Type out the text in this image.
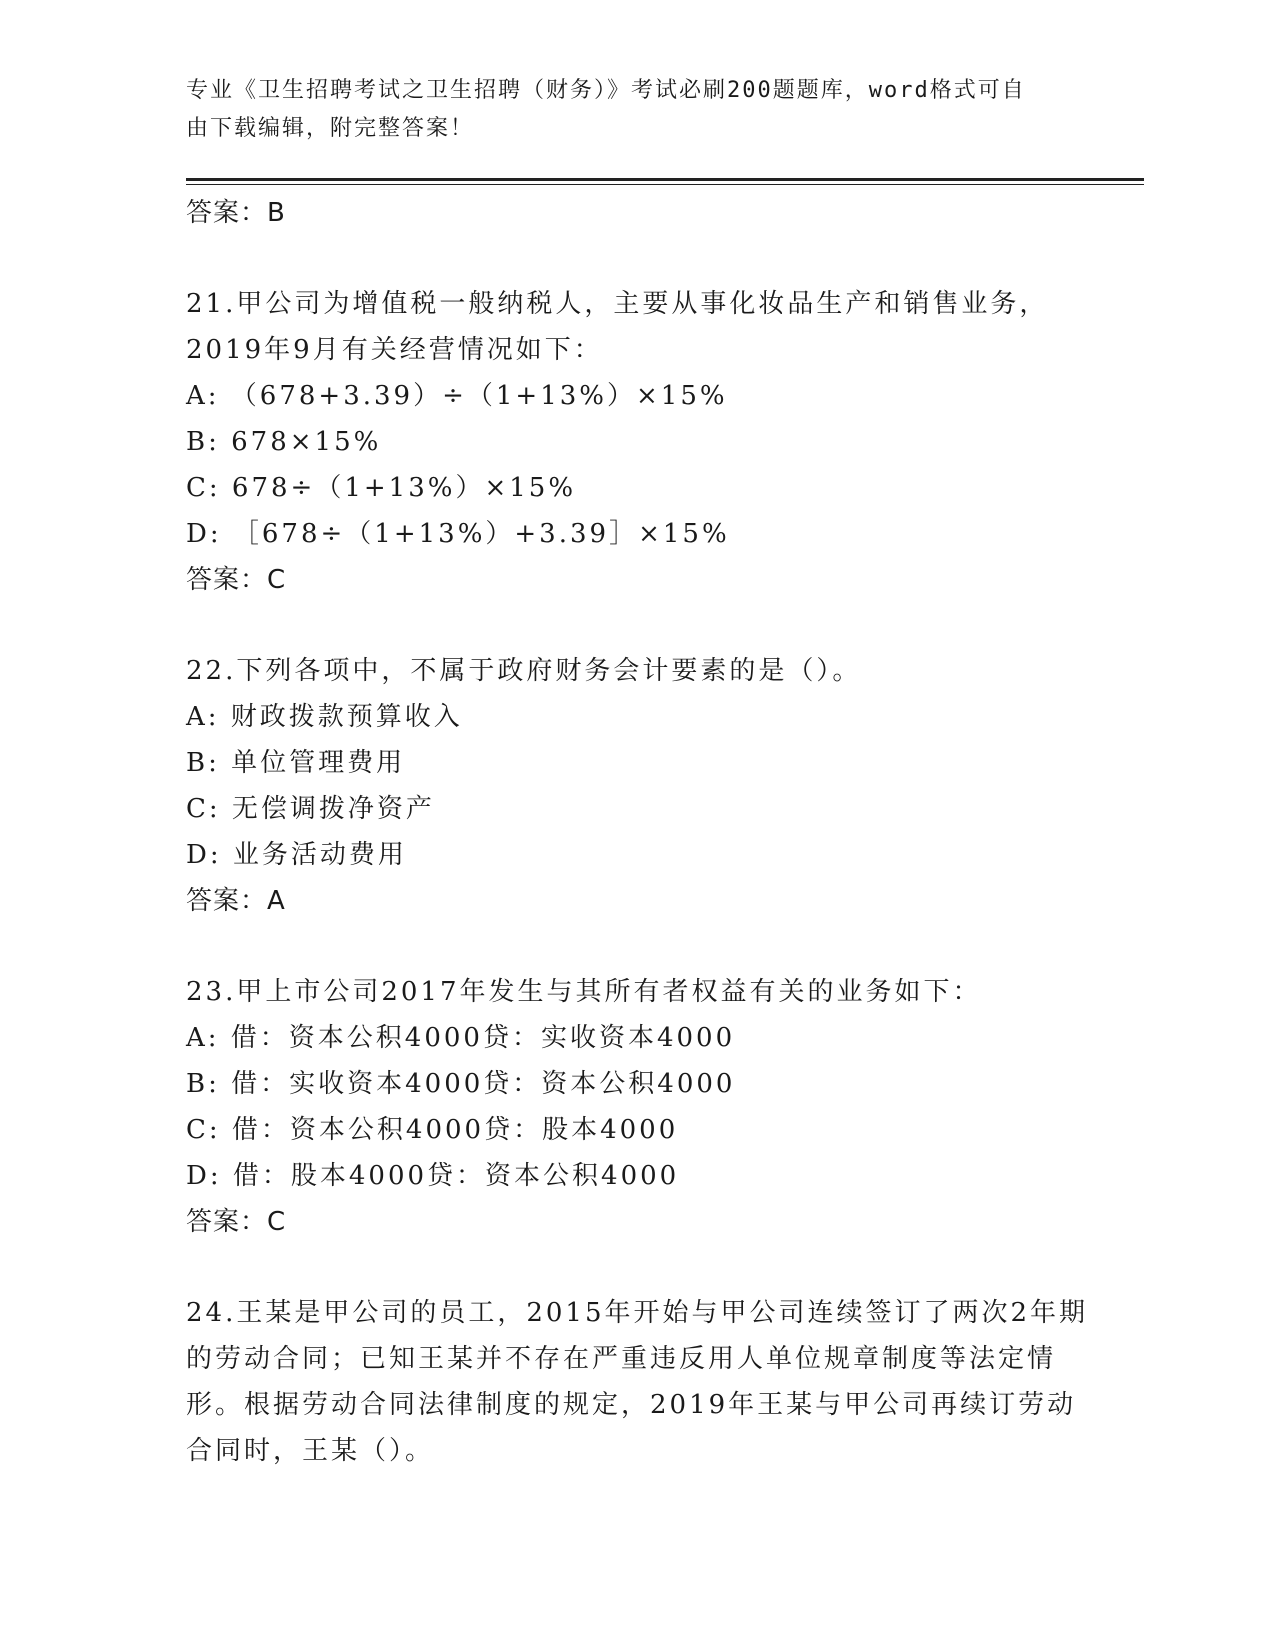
专业《卫生招聘考试之卫生招聘（财务）》考试必刷200题题库，word格式可自
由下载编辑，附完整答案！
答案：B
21.甲公司为增值税一般纳税人，主要从事化妆品生产和销售业务，
2019年9月有关经营情况如下：
A: （678+3.39）÷（1+13%）×15%
B: 678×15%
C: 678÷（1+13%）×15%
D: ［678÷（1+13%）+3.39］×15%
答案：C
22.下列各项中，不属于政府财务会计要素的是（）。
A: 财政拨款预算收入
B: 单位管理费用
C: 无偿调拨净资产
D: 业务活动费用
答案：A
23.甲上市公司2017年发生与其所有者权益有关的业务如下：
A: 借：资本公积4000贷：实收资本4000
B: 借：实收资本4000贷：资本公积4000
C: 借：资本公积4000贷：股本4000
D: 借：股本4000贷：资本公积4000
答案：C
24.王某是甲公司的员工，2015年开始与甲公司连续签订了两次2年期
的劳动合同；已知王某并不存在严重违反用人单位规章制度等法定情
形。根据劳动合同法律制度的规定，2019年王某与甲公司再续订劳动
合同时，王某（）。
